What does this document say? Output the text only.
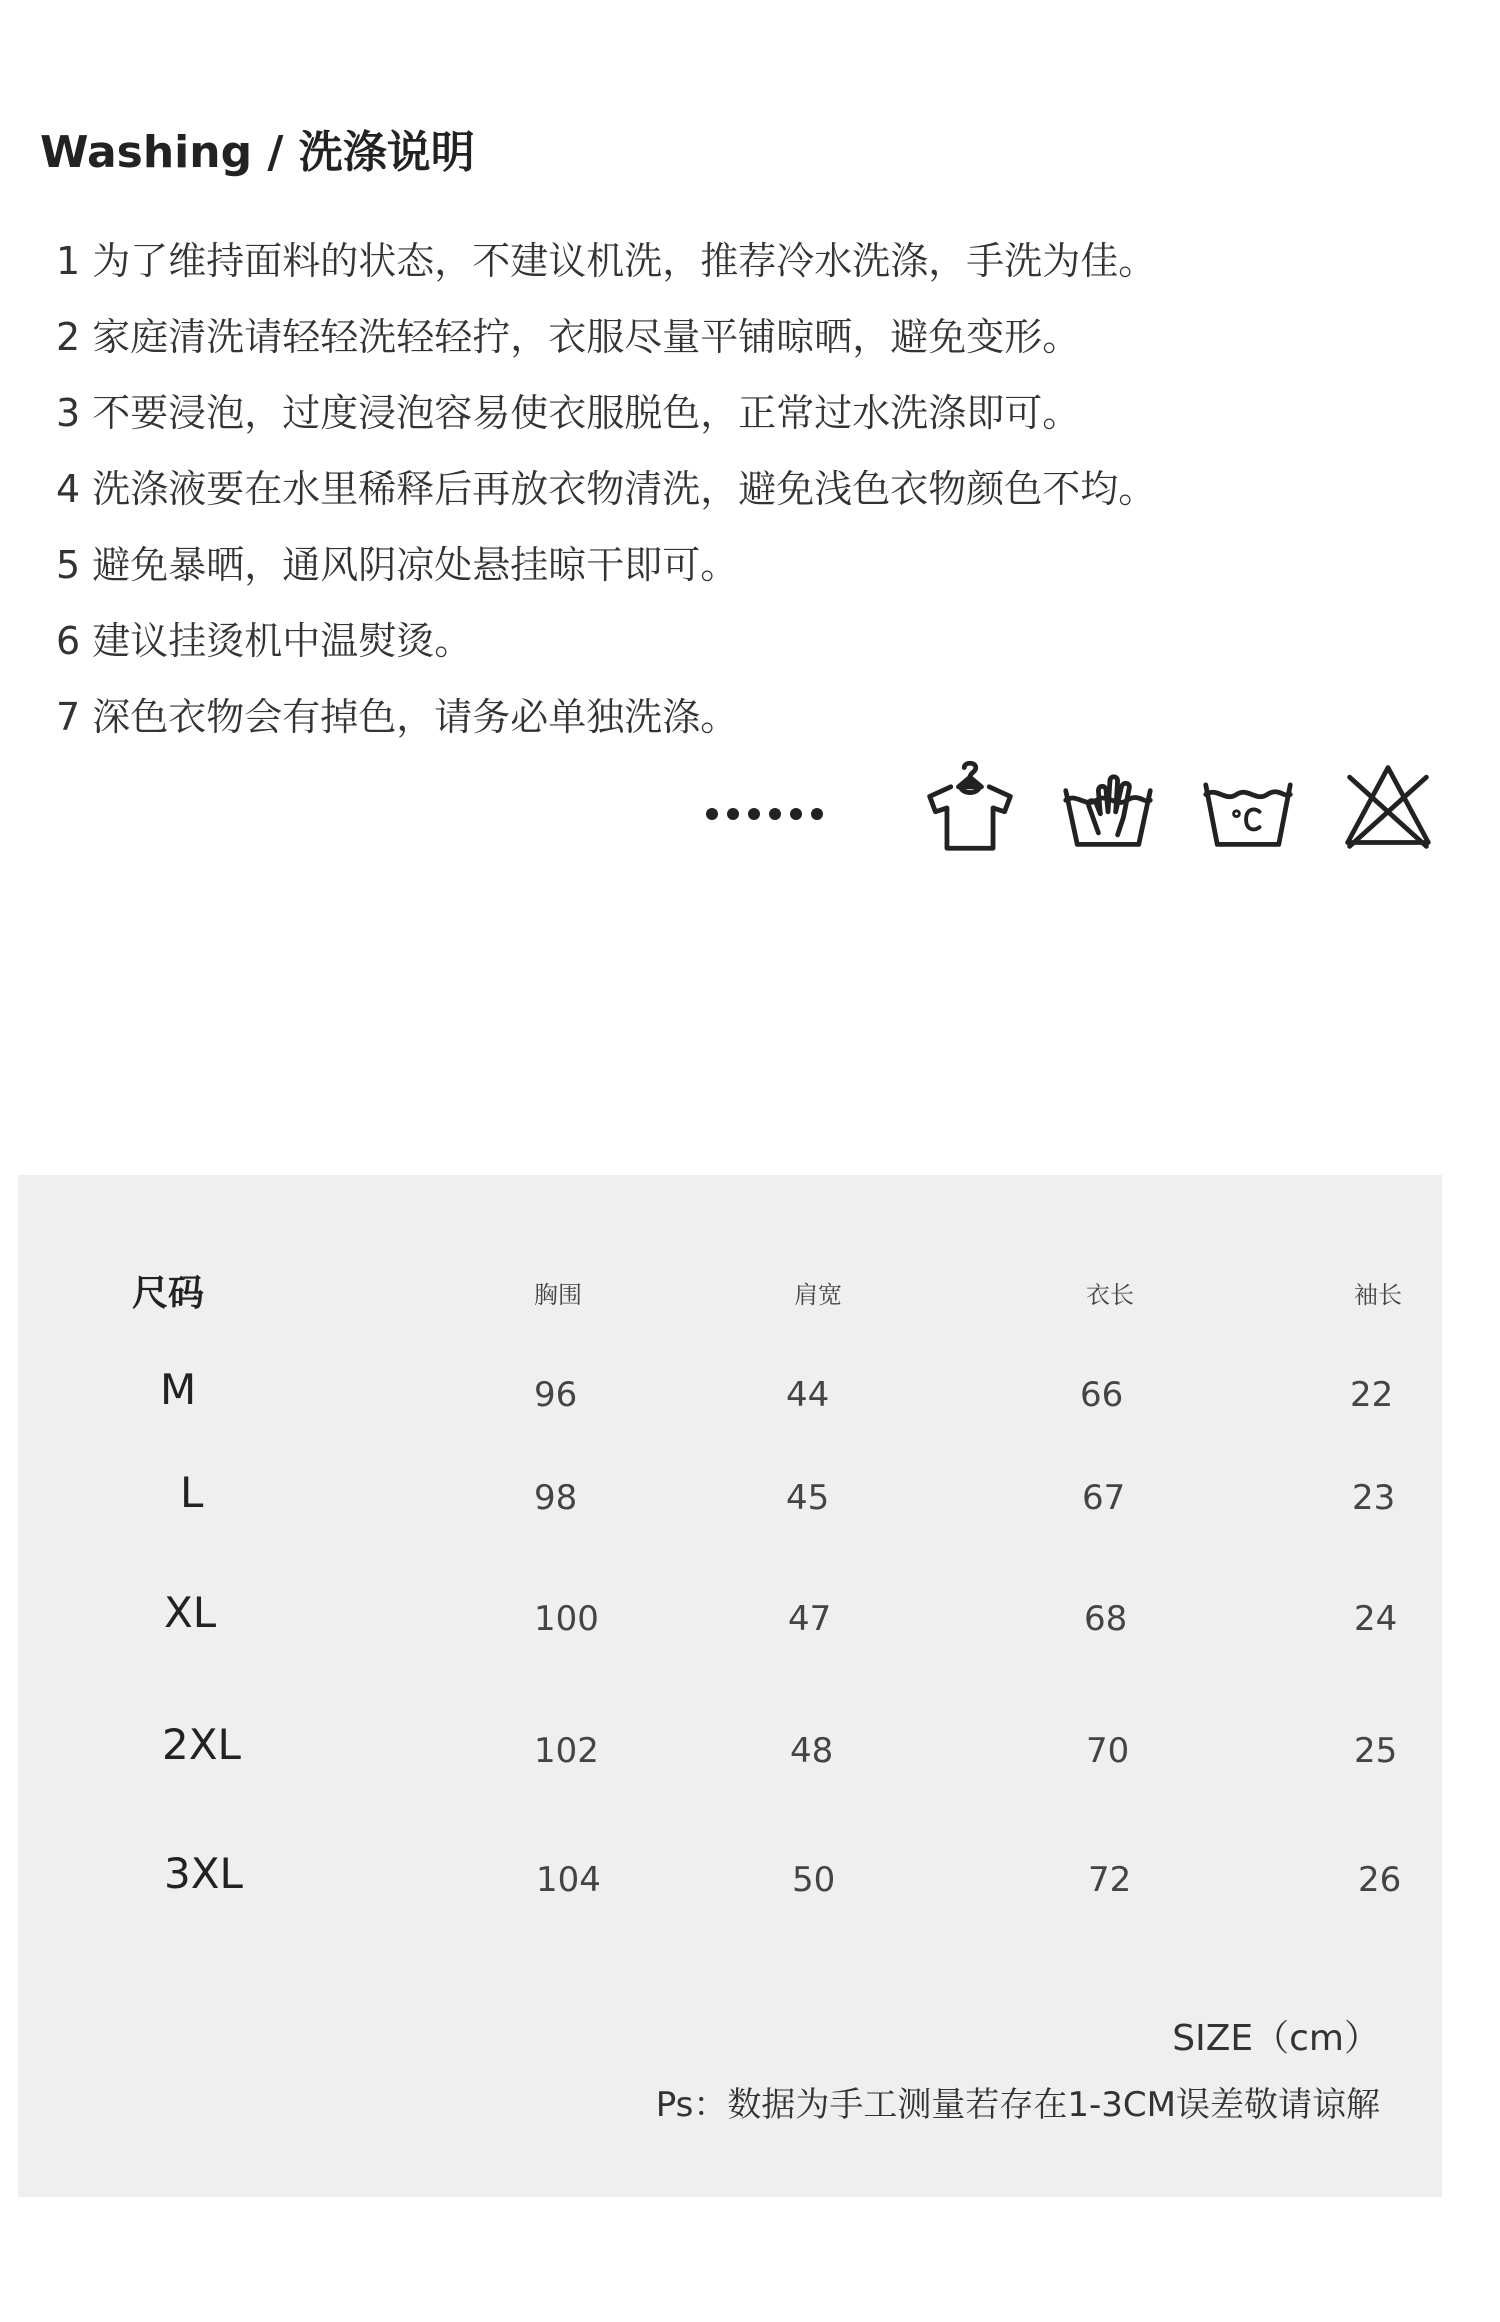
Washing / 洗涤说明
1 为了维持面料的状态，不建议机洗，推荐冷水洗涤，手洗为佳。
2 家庭清洗请轻轻洗轻轻拧，衣服尽量平铺晾晒，避免变形。
3 不要浸泡，过度浸泡容易使衣服脱色，正常过水洗涤即可。
4 洗涤液要在水里稀释后再放衣物清洗，避免浅色衣物颜色不均。
5 避免暴晒，通风阴凉处悬挂晾干即可。
6 建议挂烫机中温熨烫。
7 深色衣物会有掉色，请务必单独洗涤。
尺码	胸围	肩宽	衣长	袖长
M	96	44	66	22
L	98	45	67	23
XL	100	47	68	24
2XL	102	48	70	25
3XL	104	50	72	26
SIZE（cm）
Ps：数据为手工测量若存在1-3CM误差敬请谅解
